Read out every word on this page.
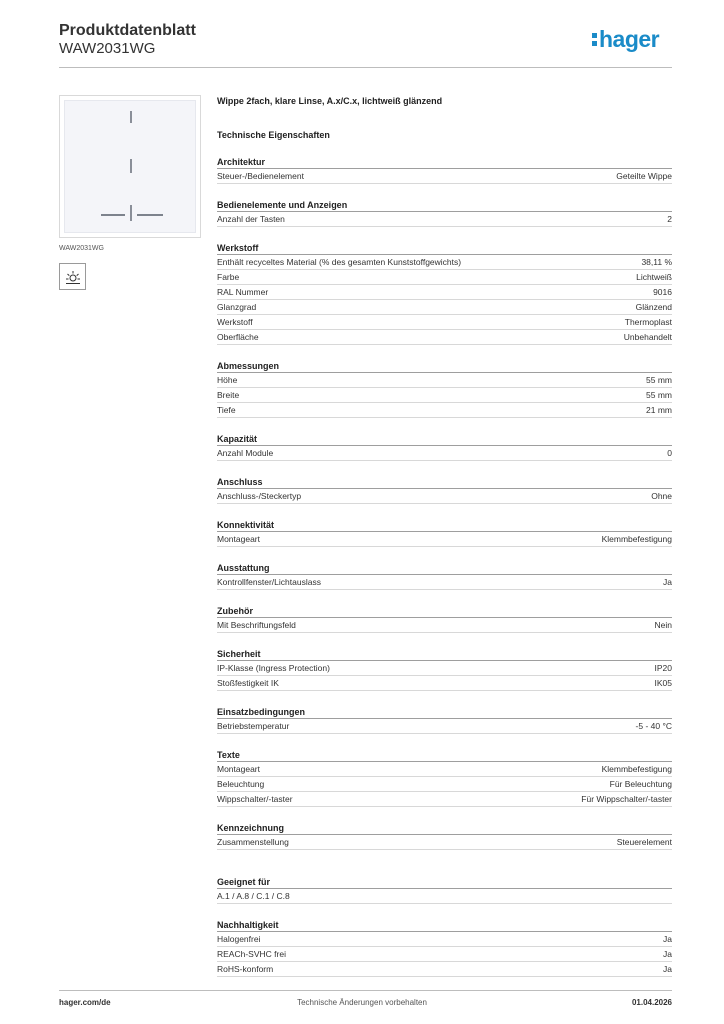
Produktdatenblatt
WAW2031WG	hager
WAW2031WG
Wippe 2fach, klare Linse, A.x/C.x, lichtweiß glänzend
Technische Eigenschaften
Architektur
Steuer-/Bedienelement	Geteilte Wippe
Bedienelemente und Anzeigen
Anzahl der Tasten	2
Werkstoff
Enthält recyceltes Material (% des gesamten Kunststoffgewichts)	38,11 %
Farbe	Lichtweiß
RAL Nummer	9016
Glanzgrad	Glänzend
Werkstoff	Thermoplast
Oberfläche	Unbehandelt
Abmessungen
Höhe	55 mm
Breite	55 mm
Tiefe	21 mm
Kapazität
Anzahl Module	0
Anschluss
Anschluss-/Steckertyp	Ohne
Konnektivität
Montageart	Klemmbefestigung
Ausstattung
Kontrollfenster/Lichtauslass	Ja
Zubehör
Mit Beschriftungsfeld	Nein
Sicherheit
IP-Klasse (Ingress Protection)	IP20
Stoßfestigkeit IK	IK05
Einsatzbedingungen
Betriebstemperatur	-5 - 40 °C
Texte
Montageart	Klemmbefestigung
Beleuchtung	Für Beleuchtung
Wippschalter/-taster	Für Wippschalter/-taster
Kennzeichnung
Zusammenstellung	Steuerelement
Geeignet für
A.1 / A.8 / C.1 / C.8
Nachhaltigkeit
Halogenfrei	Ja
REACh-SVHC frei	Ja
RoHS-konform	Ja
hager.com/de	Technische Änderungen vorbehalten	01.04.2026
